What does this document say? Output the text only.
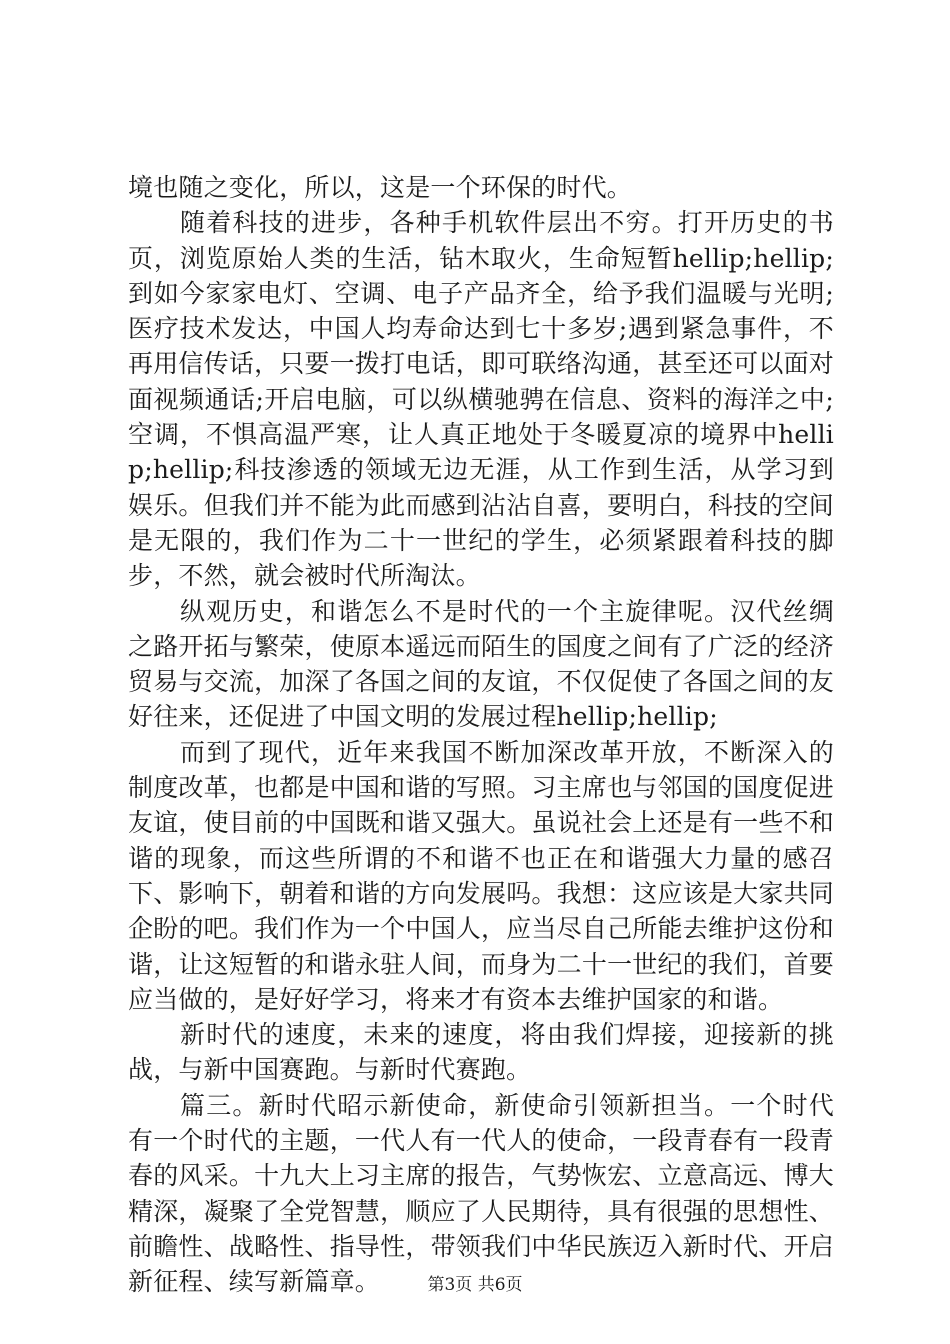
境也随之变化，所以，这是一个环保的时代。

随着科技的进步，各种手机软件层出不穷。打开历史的书页，浏览原始人类的生活，钻木取火，生命短暂hellip;hellip;到如今家家电灯、空调、电子产品齐全，给予我们温暖与光明;医疗技术发达，中国人均寿命达到七十多岁;遇到紧急事件，不再用信传话，只要一拨打电话，即可联络沟通，甚至还可以面对面视频通话;开启电脑，可以纵横驰骋在信息、资料的海洋之中;空调，不惧高温严寒，让人真正地处于冬暖夏凉的境界中hellip;hellip;科技渗透的领域无边无涯，从工作到生活，从学习到娱乐。但我们并不能为此而感到沾沾自喜，要明白，科技的空间是无限的，我们作为二十一世纪的学生，必须紧跟着科技的脚步，不然，就会被时代所淘汰。

纵观历史，和谐怎么不是时代的一个主旋律呢。汉代丝绸之路开拓与繁荣，使原本遥远而陌生的国度之间有了广泛的经济贸易与交流，加深了各国之间的友谊，不仅促使了各国之间的友好往来，还促进了中国文明的发展过程hellip;hellip;

而到了现代，近年来我国不断加深改革开放，不断深入的制度改革，也都是中国和谐的写照。习主席也与邻国的国度促进友谊，使目前的中国既和谐又强大。虽说社会上还是有一些不和谐的现象，而这些所谓的不和谐不也正在和谐强大力量的感召下、影响下，朝着和谐的方向发展吗。我想：这应该是大家共同企盼的吧。我们作为一个中国人，应当尽自己所能去维护这份和谐，让这短暂的和谐永驻人间，而身为二十一世纪的我们，首要应当做的，是好好学习，将来才有资本去维护国家的和谐。

新时代的速度，未来的速度，将由我们焊接，迎接新的挑战，与新中国赛跑。与新时代赛跑。

篇三。新时代昭示新使命，新使命引领新担当。一个时代有一个时代的主题，一代人有一代人的使命，一段青春有一段青春的风采。十九大上习主席的报告，气势恢宏、立意高远、博大精深，凝聚了全党智慧，顺应了人民期待，具有很强的思想性、前瞻性、战略性、指导性，带领我们中华民族迈入新时代、开启新征程、续写新篇章。	第3页 共6页
